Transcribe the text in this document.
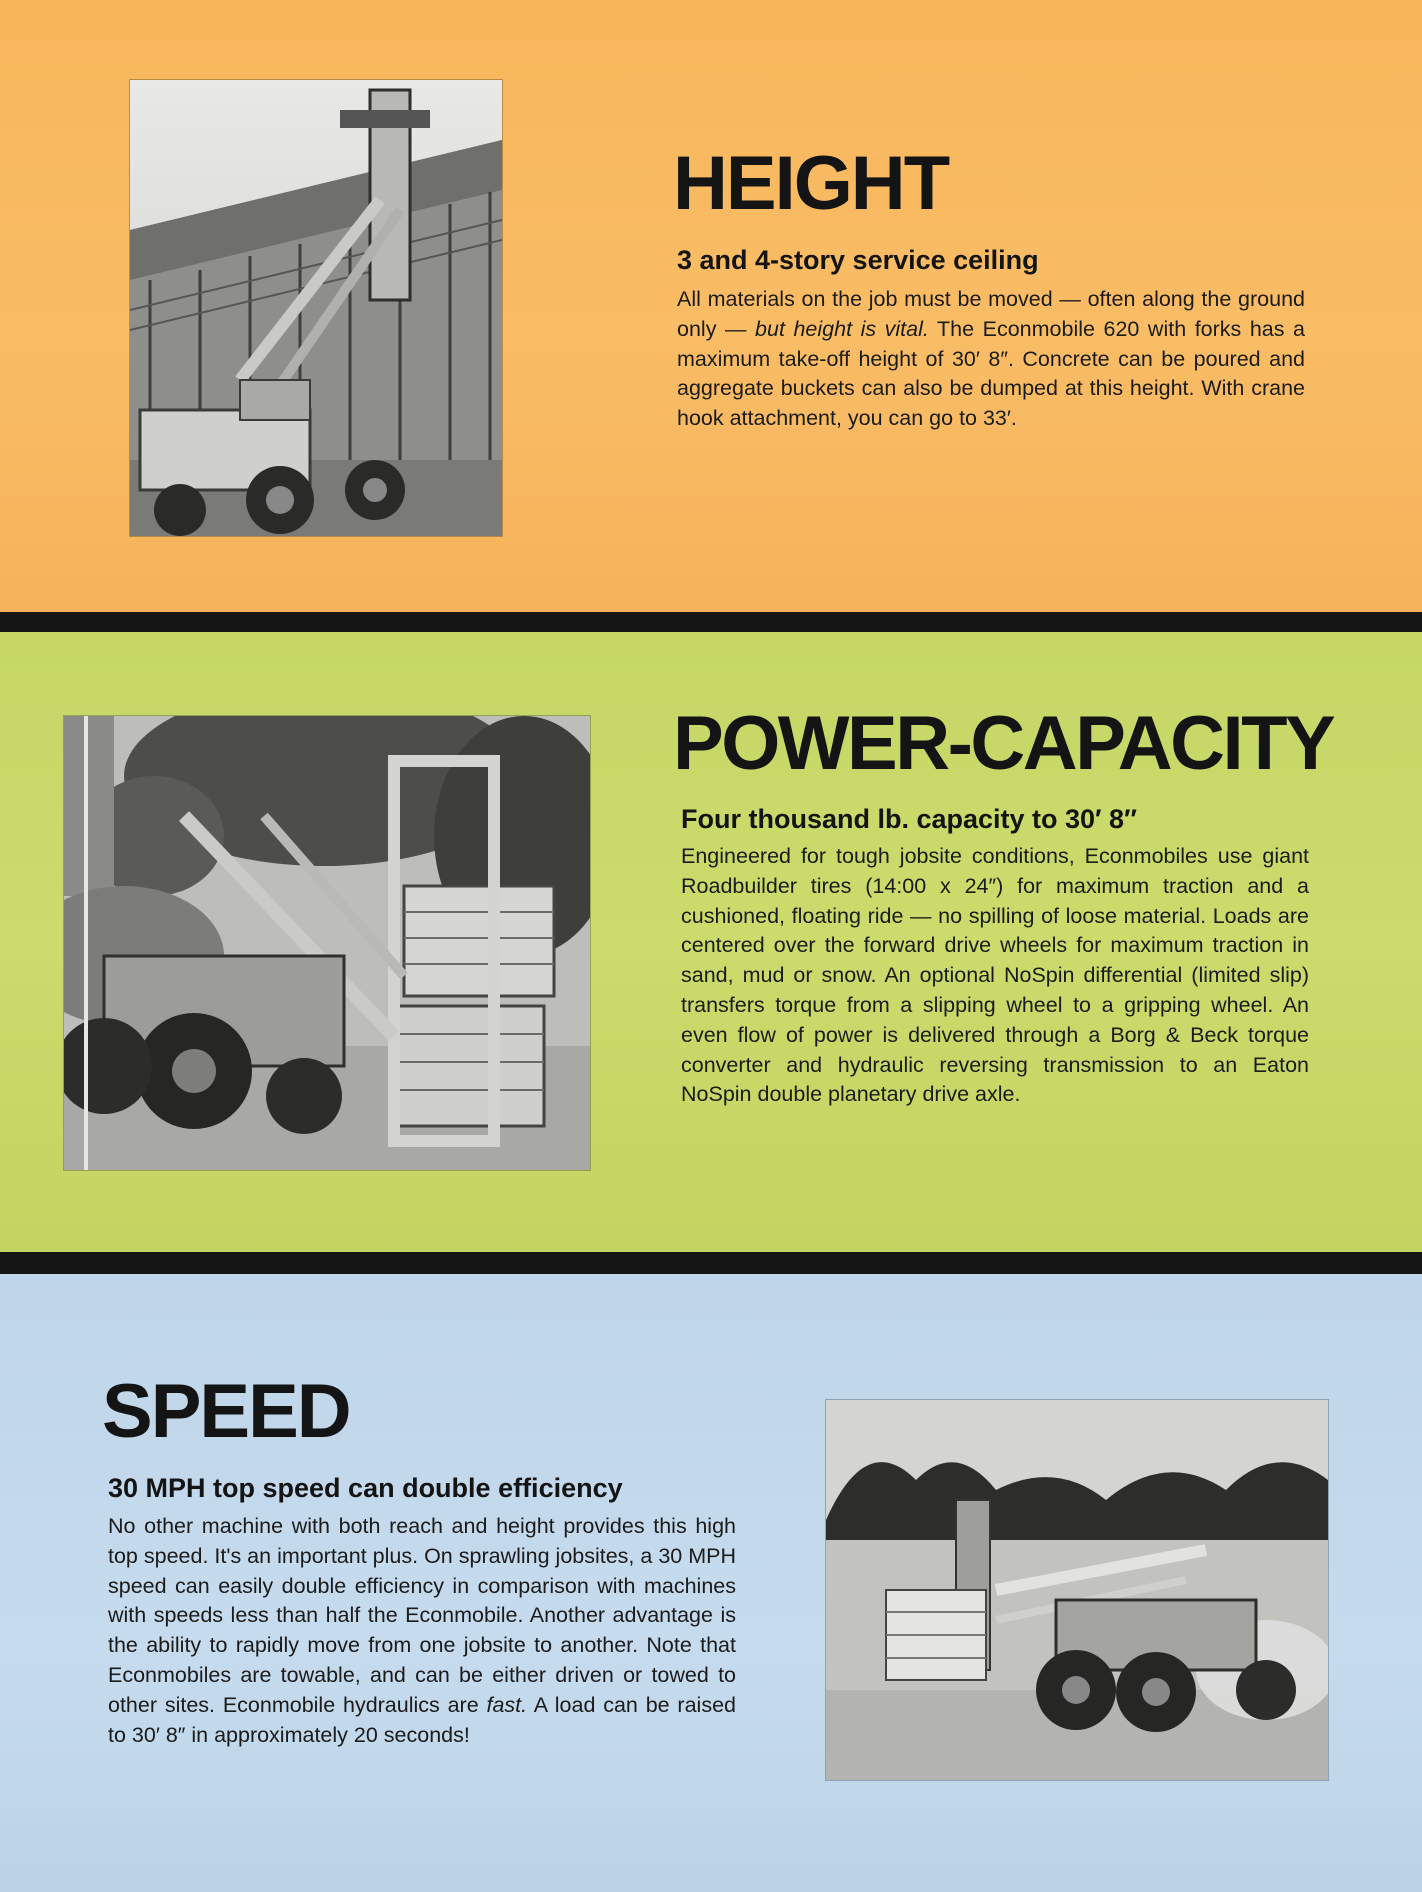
HEIGHT
3 and 4-story service ceiling

All materials on the job must be moved — often along the ground only — but height is vital. The Econmobile 620 with forks has a maximum take-off height of 30′ 8″. Concrete can be poured and aggregate buckets can also be dumped at this height. With crane hook attachment, you can go to 33′.

POWER-CAPACITY
Four thousand lb. capacity to 30′ 8″

Engineered for tough jobsite conditions, Econmobiles use giant Roadbuilder tires (14:00 x 24″) for maximum traction and a cushioned, floating ride — no spilling of loose material. Loads are centered over the forward drive wheels for maximum traction in sand, mud or snow. An optional NoSpin differential (limited slip) transfers torque from a slipping wheel to a gripping wheel. An even flow of power is delivered through a Borg & Beck torque converter and hydraulic reversing transmission to an Eaton NoSpin double planetary drive axle.

SPEED
30 MPH top speed can double efficiency

No other machine with both reach and height provides this high top speed. It's an important plus. On sprawling jobsites, a 30 MPH speed can easily double efficiency in comparison with machines with speeds less than half the Econmobile. Another advantage is the ability to rapidly move from one jobsite to another. Note that Econmobiles are towable, and can be either driven or towed to other sites. Econmobile hydraulics are fast. A load can be raised to 30′ 8″ in approximately 20 seconds!
